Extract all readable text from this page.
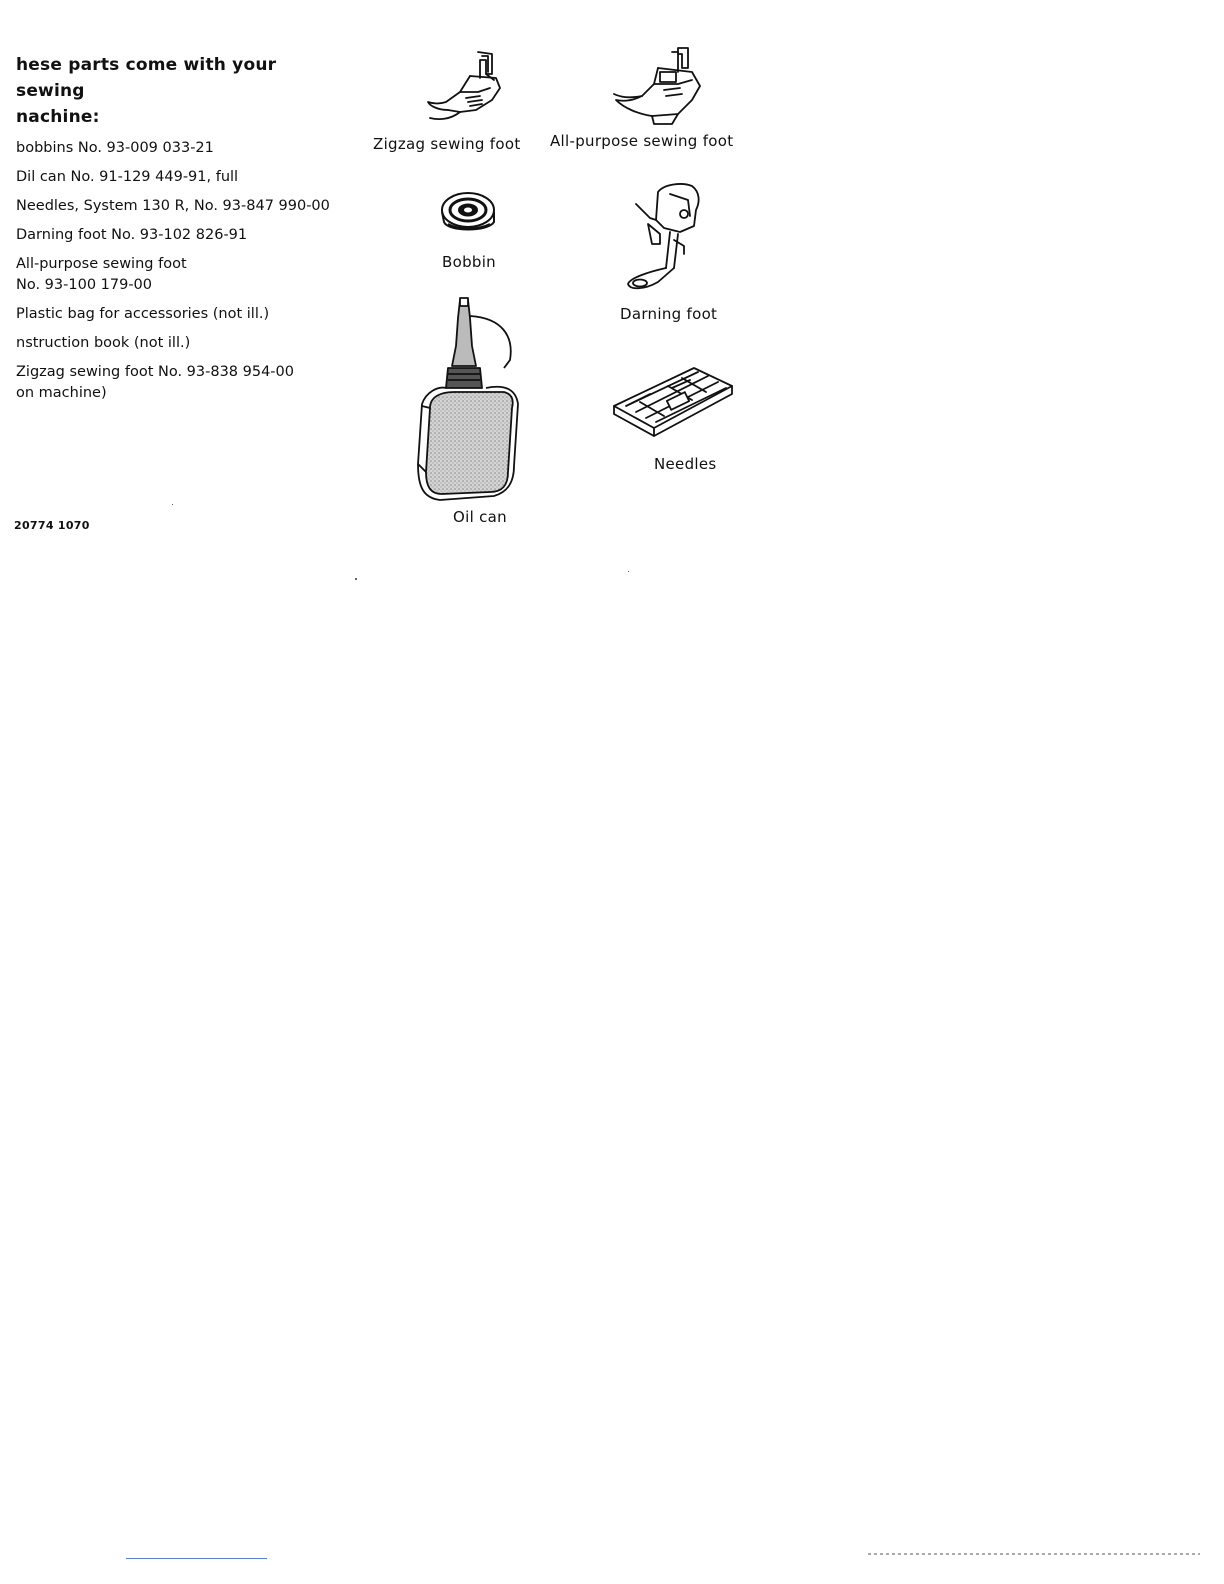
hese parts come with your sewing
nachine:
bobbins No. 93-009 033-21
Dil can No. 91-129 449-91, full
Needles, System 130 R, No. 93-847 990-00
Darning foot No. 93-102 826-91
All-purpose sewing foot
No. 93-100 179-00
Plastic bag for accessories (not ill.)
nstruction book (not ill.)
Zigzag sewing foot No. 93-838 954-00
on machine)
20774 1070
Zigzag sewing foot All-purpose sewing foot
Bobbin
Darning foot
Oil can
Needles
